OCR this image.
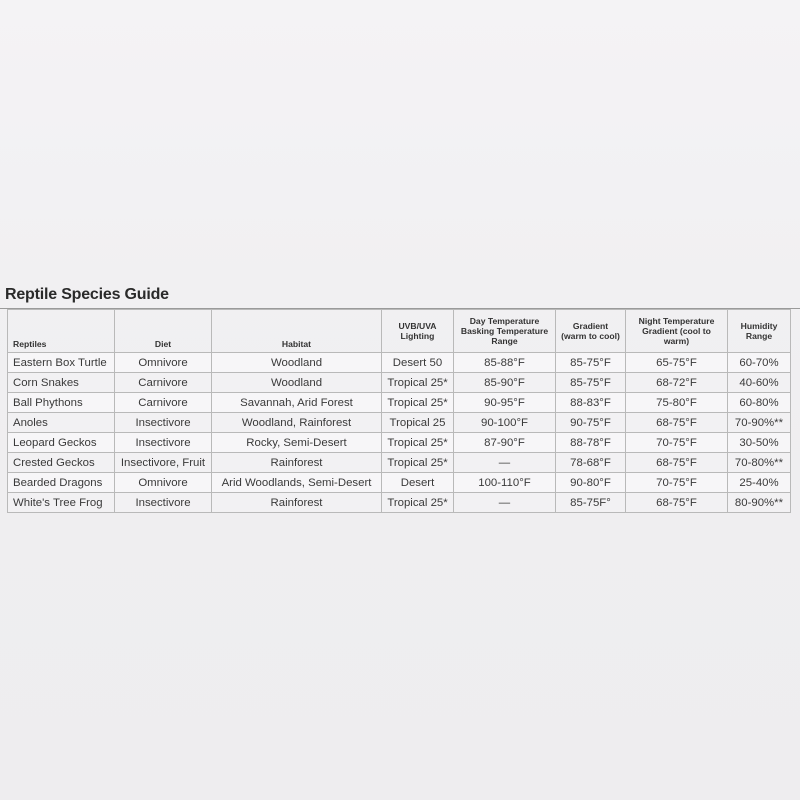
Reptile Species Guide
Reptiles	Diet	Habitat	UVB/UVA Lighting	Day Temperature Basking Temperature Range	Gradient (warm to cool)	Night Temperature Gradient (cool to warm)	Humidity Range
Eastern Box Turtle	Omnivore	Woodland	Desert 50	85-88°F	85-75°F	65-75°F	60-70%
Corn Snakes	Carnivore	Woodland	Tropical 25*	85-90°F	85-75°F	68-72°F	40-60%
Ball Phythons	Carnivore	Savannah, Arid Forest	Tropical 25*	90-95°F	88-83°F	75-80°F	60-80%
Anoles	Insectivore	Woodland, Rainforest	Tropical 25	90-100°F	90-75°F	68-75°F	70-90%**
Leopard Geckos	Insectivore	Rocky, Semi-Desert	Tropical 25*	87-90°F	88-78°F	70-75°F	30-50%
Crested Geckos	Insectivore, Fruit	Rainforest	Tropical 25*	—	78-68°F	68-75°F	70-80%**
Bearded Dragons	Omnivore	Arid Woodlands, Semi-Desert	Desert	100-110°F	90-80°F	70-75°F	25-40%
White's Tree Frog	Insectivore	Rainforest	Tropical 25*	—	85-75F°	68-75°F	80-90%**
